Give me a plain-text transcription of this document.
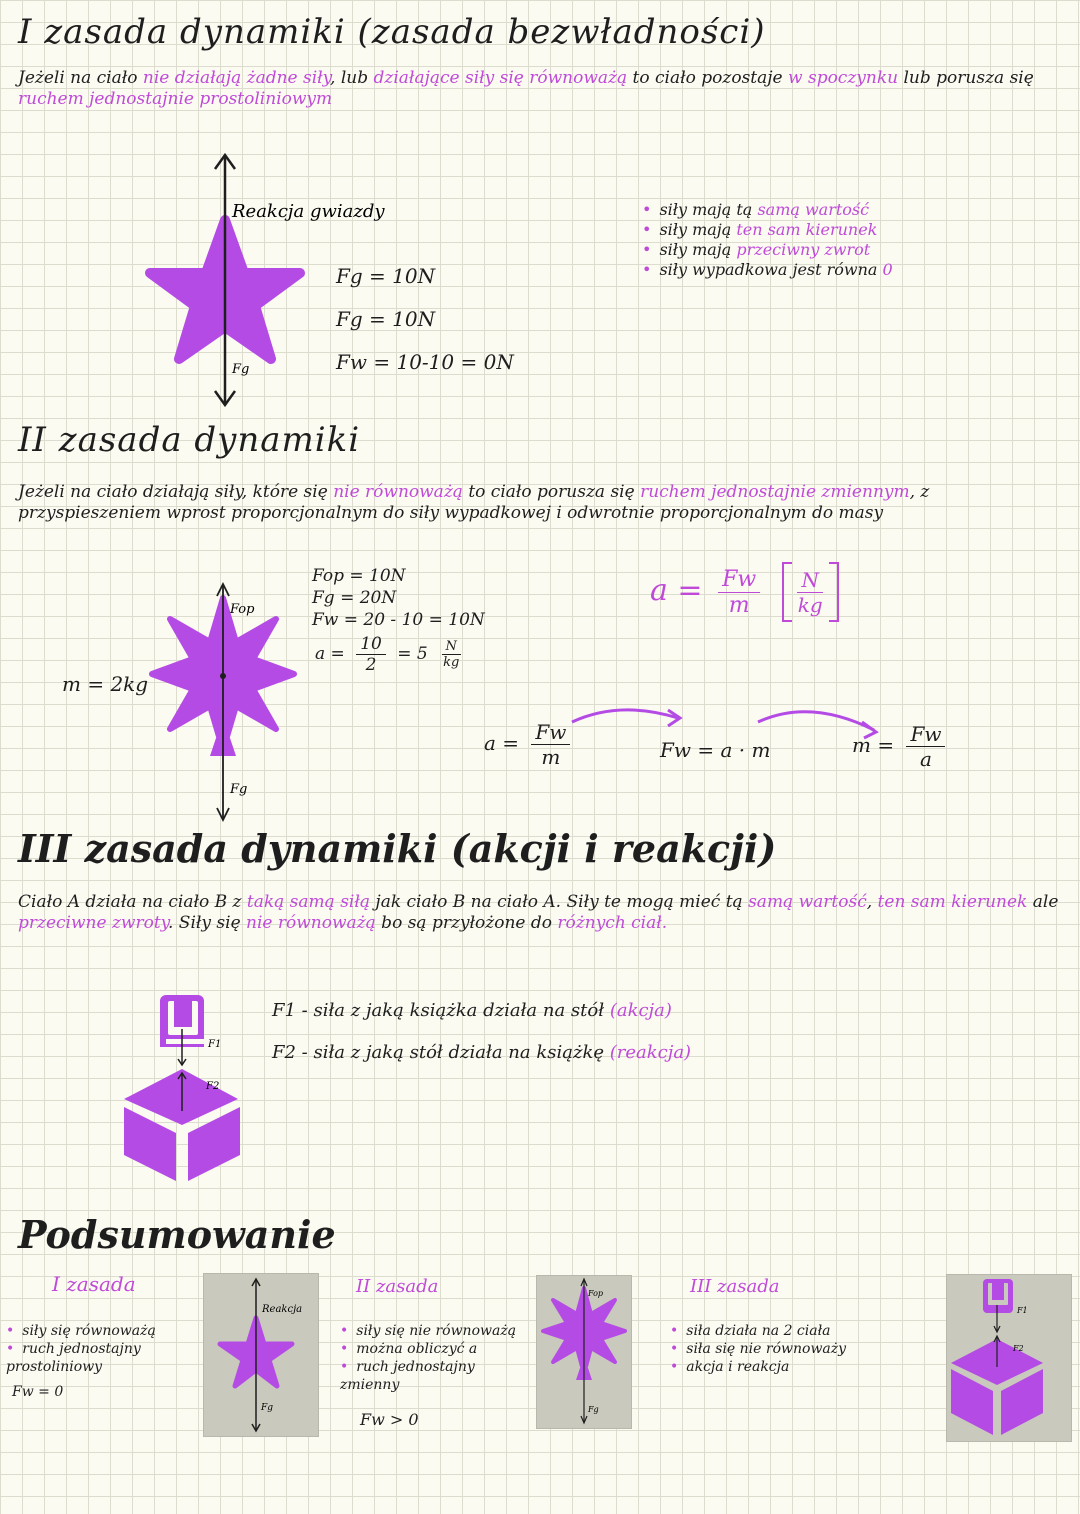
I zasada dynamiki (zasada bezwładności)
Jeżeli na ciało nie działają żadne siły, lub działające siły się równoważą to ciało pozostaje w spoczynku lub porusza się ruchem jednostajnie prostoliniowym
Reakcja gwiazdy
Fg
Fg = 10N
Fg = 10N
Fw = 10-10 = 0N
• siły mają tą samą wartość
• siły mają ten sam kierunek
• siły mają przeciwny zwrot
• siły wypadkowa jest równa 0
II zasada dynamiki
Jeżeli na ciało działają siły, które się nie równoważą to ciało porusza się ruchem jednostajnie zmiennym, z przyspieszeniem wprost proporcjonalnym do siły wypadkowej i odwrotnie proporcjonalnym do masy
m = 2kg
Fop
Fg
Fop = 10N
Fg = 20N
Fw = 20 - 10 = 10N
$a = \frac{10}{2} = 5 \frac{N}{kg}$
$a = \frac{Fw}{m}$
$\frac{N}{kg}$
$a = \frac{Fw}{m}$	Fw = a · m	$m = \frac{Fw}{a}$
III zasada dynamiki (akcji i reakcji)
Ciało A działa na ciało B z taką samą siłą jak ciało B na ciało A. Siły te mogą mieć tą samą wartość, ten sam kierunek ale przeciwne zwroty. Siły się nie równoważą bo są przyłożone do różnych ciał.
F1
F2
F1 - siła z jaką książka działa na stół (akcja)
F2 - siła z jaką stół działa na książkę (reakcja)
Podsumowanie
I zasada
• siły się równoważą
• ruch jednostajny prostoliniowy
Fw = 0
Reakcja
Fg
II zasada
• siły się nie równoważą
• można obliczyć a
• ruch jednostajny zmienny
Fw > 0
Fop
Fg
III zasada
• siła działa na 2 ciała
• siła się nie równoważy
• akcja i reakcja
F1
F2
